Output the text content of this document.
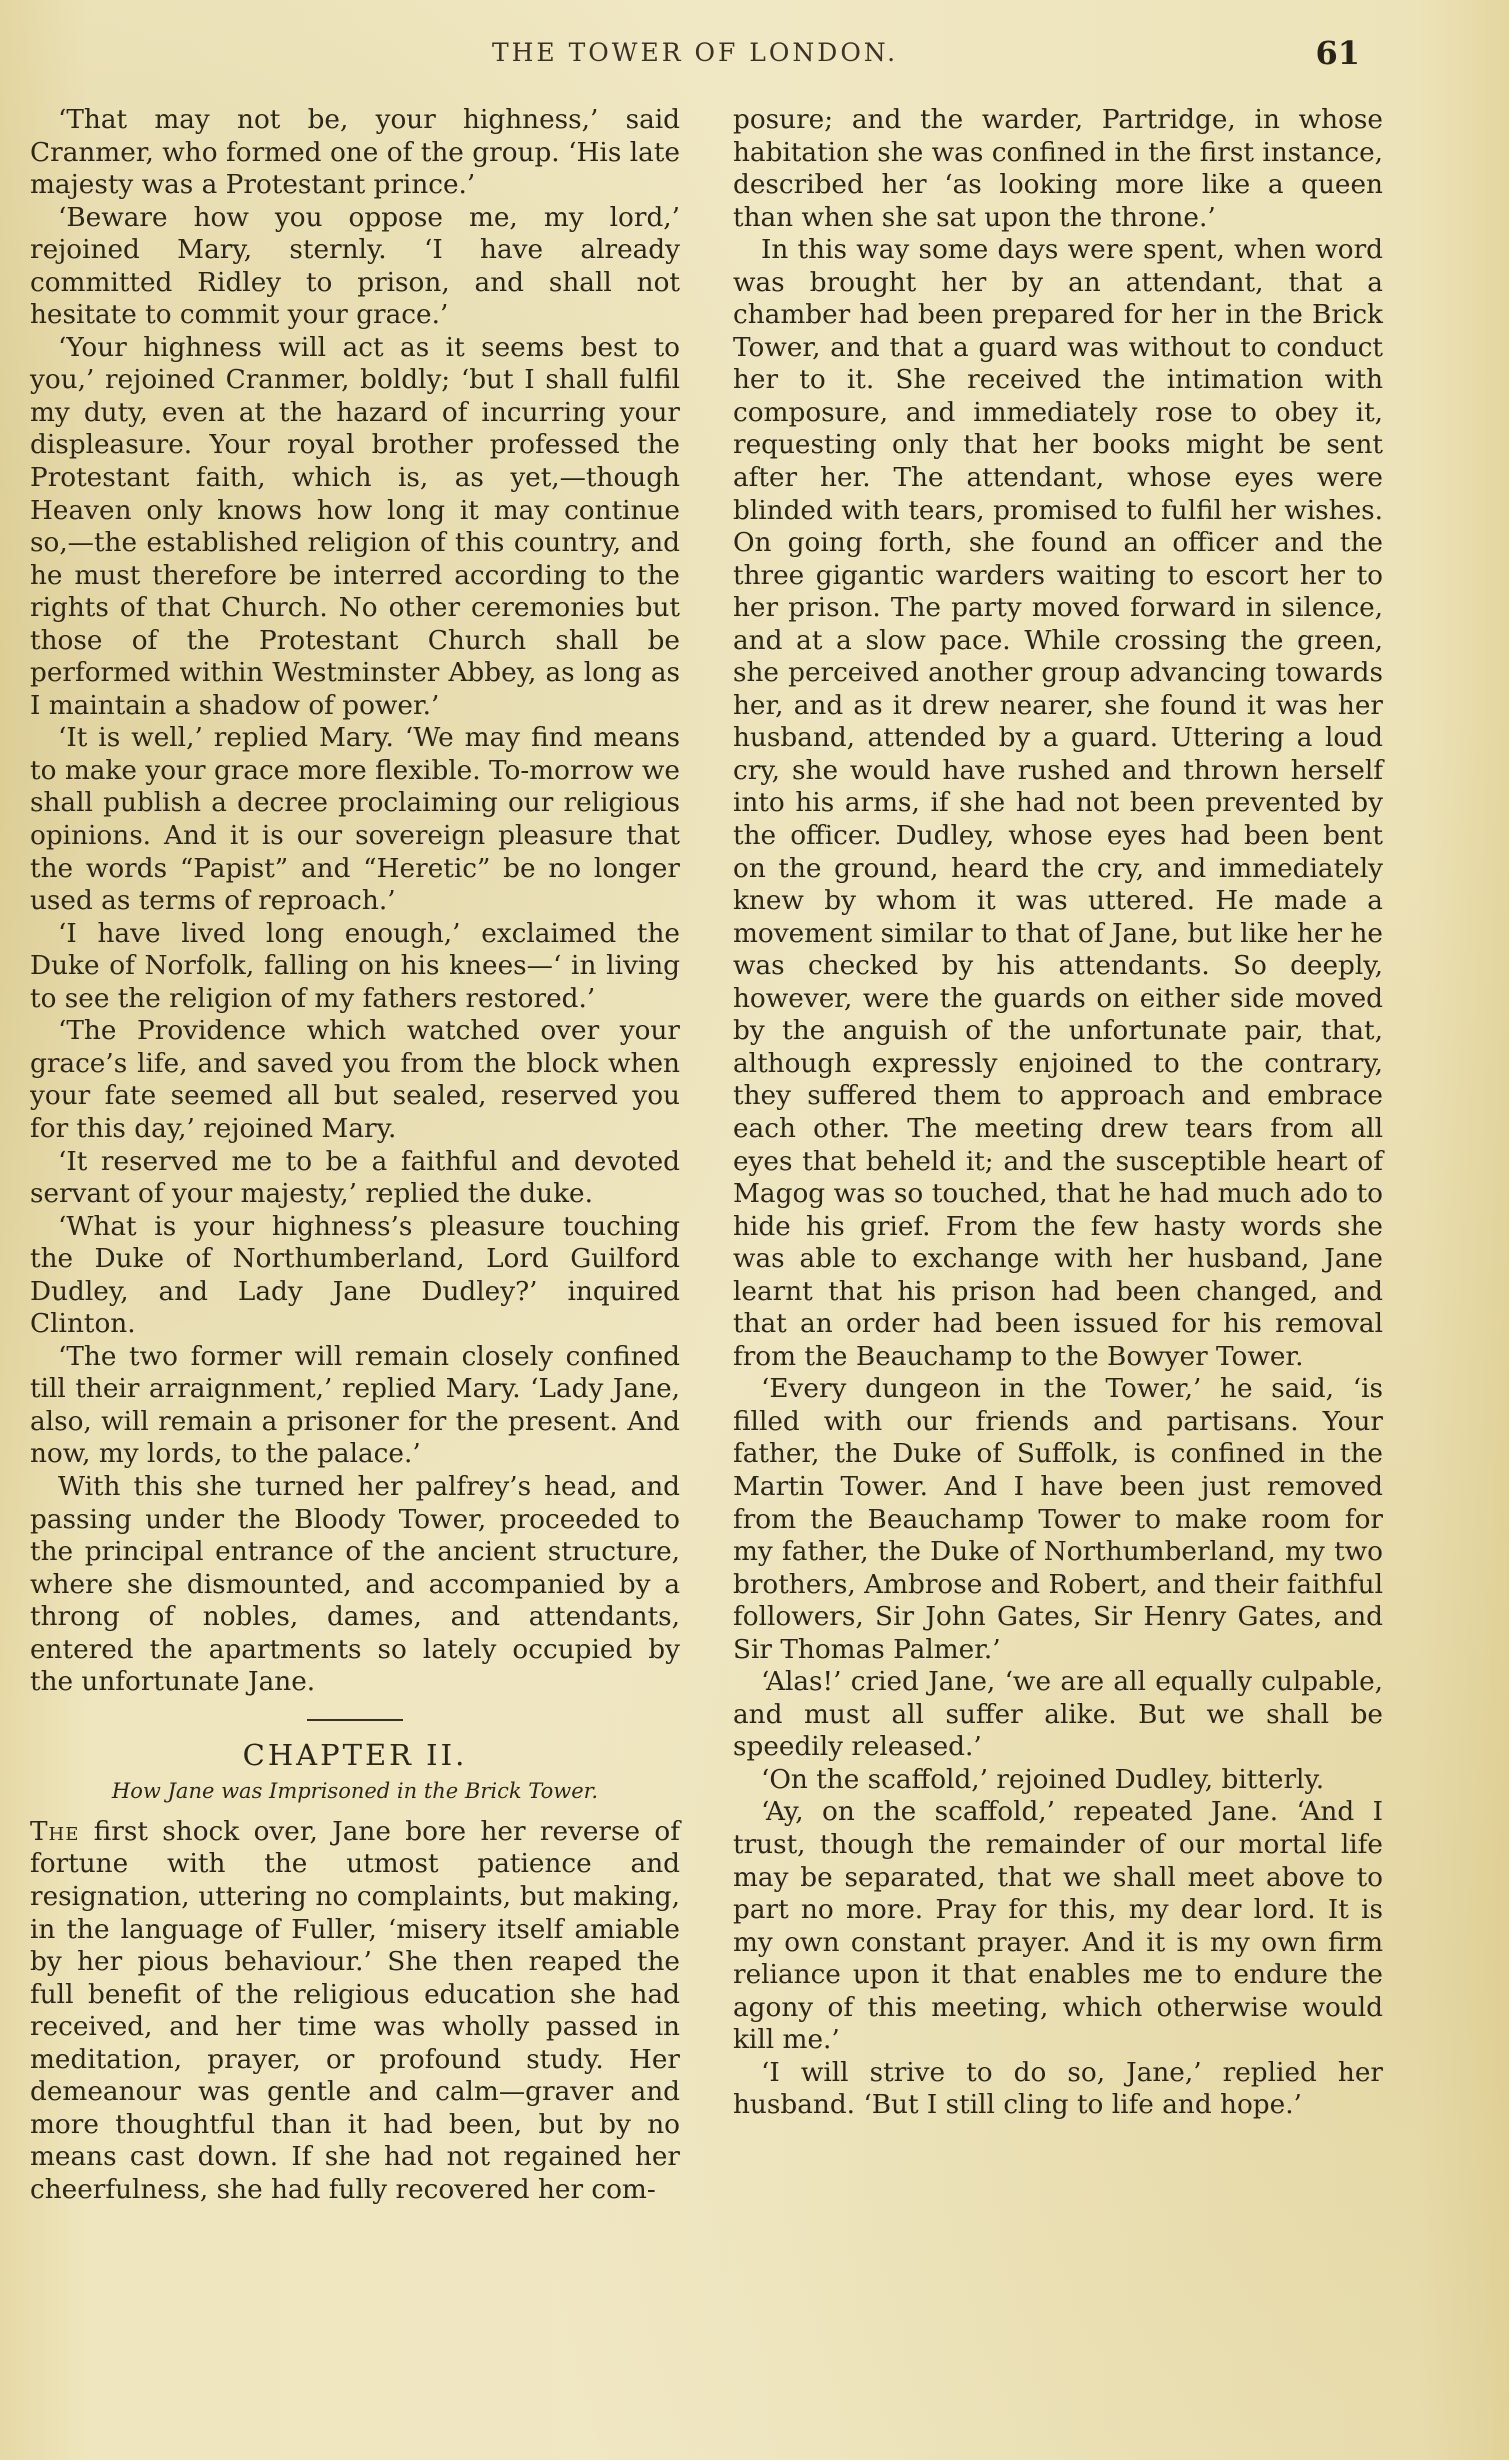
THE TOWER OF LONDON.	61

‘That may not be, your highness,’ said Cranmer, who formed one of the group. ‘His late majesty was a Protestant prince.’

‘Beware how you oppose me, my lord,’ rejoined Mary, sternly. ‘I have already committed Ridley to prison, and shall not hesitate to commit your grace.’

‘Your highness will act as it seems best to you,’ rejoined Cranmer, boldly; ‘but I shall fulfil my duty, even at the hazard of incurring your displeasure. Your royal brother professed the Protestant faith, which is, as yet,—though Heaven only knows how long it may continue so,—the established religion of this country, and he must therefore be interred according to the rights of that Church. No other ceremonies but those of the Protestant Church shall be performed within Westminster Abbey, as long as I maintain a shadow of power.’

‘It is well,’ replied Mary. ‘We may find means to make your grace more flexible. To-morrow we shall publish a decree proclaiming our religious opinions. And it is our sovereign pleasure that the words “Papist” and “Heretic” be no longer used as terms of reproach.’

‘I have lived long enough,’ exclaimed the Duke of Norfolk, falling on his knees—‘ in living to see the religion of my fathers restored.’

‘The Providence which watched over your grace’s life, and saved you from the block when your fate seemed all but sealed, reserved you for this day,’ rejoined Mary.

‘It reserved me to be a faithful and devoted servant of your majesty,’ replied the duke.

‘What is your highness’s pleasure touching the Duke of Northumberland, Lord Guilford Dudley, and Lady Jane Dudley?’ inquired Clinton.

‘The two former will remain closely confined till their arraignment,’ replied Mary. ‘Lady Jane, also, will remain a prisoner for the present. And now, my lords, to the palace.’

With this she turned her palfrey’s head, and passing under the Bloody Tower, proceeded to the principal entrance of the ancient structure, where she dismounted, and accompanied by a throng of nobles, dames, and attendants, entered the apartments so lately occupied by the unfortunate Jane.

CHAPTER II.

How Jane was Imprisoned in the Brick Tower.

The first shock over, Jane bore her reverse of fortune with the utmost patience and resignation, uttering no complaints, but making, in the language of Fuller, ‘misery itself amiable by her pious behaviour.’ She then reaped the full benefit of the religious education she had received, and her time was wholly passed in meditation, prayer, or profound study. Her demeanour was gentle and calm—graver and more thoughtful than it had been, but by no means cast down. If she had not regained her cheerfulness, she had fully recovered her com-

posure; and the warder, Partridge, in whose habitation she was confined in the first instance, described her ‘as looking more like a queen than when she sat upon the throne.’

In this way some days were spent, when word was brought her by an attendant, that a chamber had been prepared for her in the Brick Tower, and that a guard was without to conduct her to it. She received the intimation with composure, and immediately rose to obey it, requesting only that her books might be sent after her. The attendant, whose eyes were blinded with tears, promised to fulfil her wishes. On going forth, she found an officer and the three gigantic warders waiting to escort her to her prison. The party moved forward in silence, and at a slow pace. While crossing the green, she perceived another group advancing towards her, and as it drew nearer, she found it was her husband, attended by a guard. Uttering a loud cry, she would have rushed and thrown herself into his arms, if she had not been prevented by the officer. Dudley, whose eyes had been bent on the ground, heard the cry, and immediately knew by whom it was uttered. He made a movement similar to that of Jane, but like her he was checked by his attendants. So deeply, however, were the guards on either side moved by the anguish of the unfortunate pair, that, although expressly enjoined to the contrary, they suffered them to approach and embrace each other. The meeting drew tears from all eyes that beheld it; and the susceptible heart of Magog was so touched, that he had much ado to hide his grief. From the few hasty words she was able to exchange with her husband, Jane learnt that his prison had been changed, and that an order had been issued for his removal from the Beauchamp to the Bowyer Tower.

‘Every dungeon in the Tower,’ he said, ‘is filled with our friends and partisans. Your father, the Duke of Suffolk, is confined in the Martin Tower. And I have been just removed from the Beauchamp Tower to make room for my father, the Duke of Northumberland, my two brothers, Ambrose and Robert, and their faithful followers, Sir John Gates, Sir Henry Gates, and Sir Thomas Palmer.’

‘Alas!’ cried Jane, ‘we are all equally culpable, and must all suffer alike. But we shall be speedily released.’

‘On the scaffold,’ rejoined Dudley, bitterly.

‘Ay, on the scaffold,’ repeated Jane. ‘And I trust, though the remainder of our mortal life may be separated, that we shall meet above to part no more. Pray for this, my dear lord. It is my own constant prayer. And it is my own firm reliance upon it that enables me to endure the agony of this meeting, which otherwise would kill me.’

‘I will strive to do so, Jane,’ replied her husband. ‘But I still cling to life and hope.’
